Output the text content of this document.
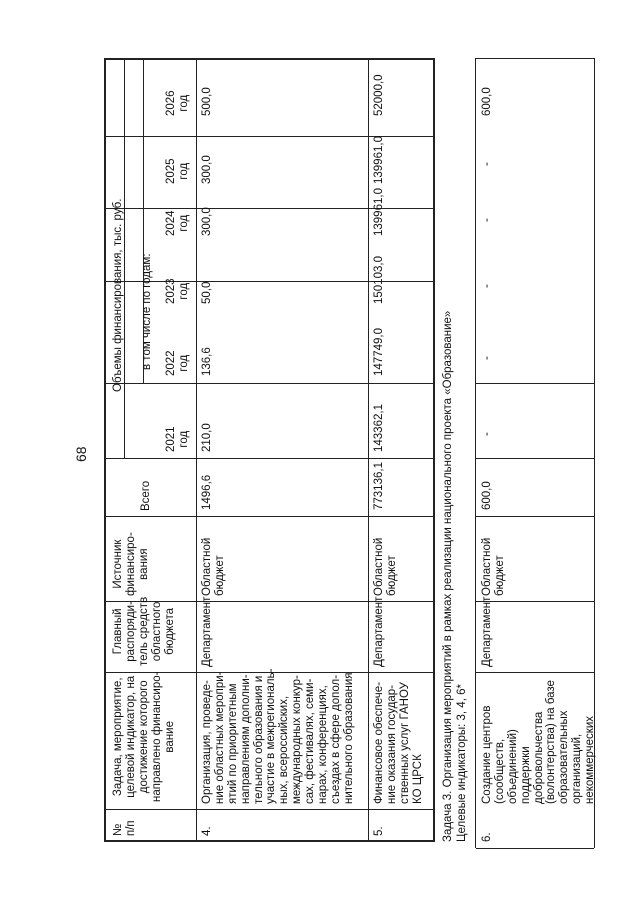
68
№ п/п
Задача, мероприятие, целевой индикатор, на достижение которого направлено финансиро- вание
Главный распоряди- тель средств областного бюджета
Источник финансиро- вания
Объемы финансирования, тыс. руб.
Всего
в том числе по годам:
2021 год
2022 год
2023 год
2024 год
2025 год
2026 год
4.
Организация, проведе- ние областных меропри- ятий по приоритетным направлениям дополни- тельного образования и участие в межрегиональ- ных, всероссийских, международных конкур- сах, фестивалях, семи- нарах, конференциях, съездах в сфере допол- нительного образования
Департамент
Областной бюджет
1496,6
210,0
136,6
50,0
300,0
300,0
500,0
5.
Финансовое обеспече- ние оказания государ- ственных услуг ГАНОУ КО ЦРСК
Департамент
Областной бюджет
773136,1
143362,1
147749,0
150103,0
139961,0
139961,0
52000,0
Задача 3. Организация мероприятий в рамках реализации национального проекта «Образование» Целевые индикаторы: 3, 4, 6* 6.
Создание центров (сообществ, объединений) поддержки добровольчества (волонтерства) на базе образовательных организаций, некоммерческих
Департамент
Областной бюджет
600,0
-
-
-
-
-
600,0
